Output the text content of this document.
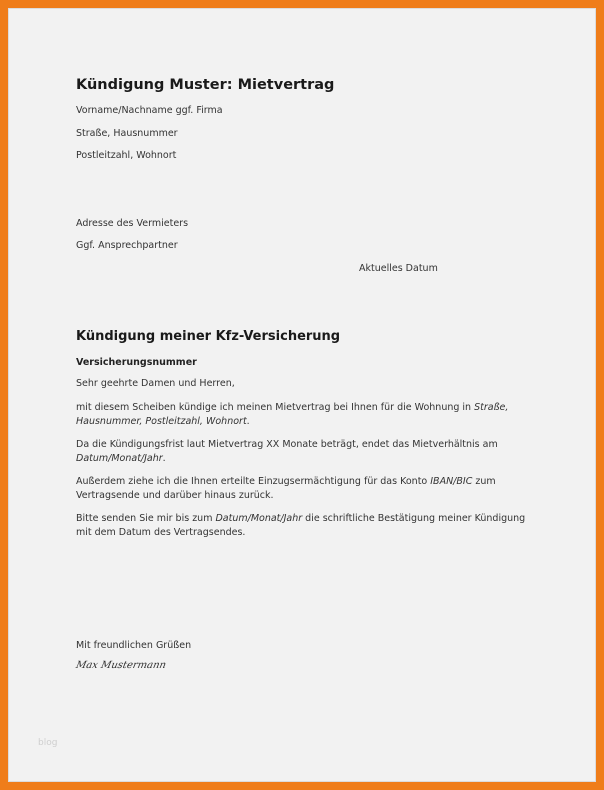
Kündigung Muster: Mietvertrag
Vorname/Nachname ggf. Firma
Straße, Hausnummer
Postleitzahl, Wohnort
Adresse des Vermieters
Ggf. Ansprechpartner
Aktuelles Datum
Kündigung meiner Kfz-Versicherung
Versicherungsnummer
Sehr geehrte Damen und Herren,
mit diesem Scheiben kündige ich meinen Mietvertrag bei Ihnen für die Wohnung in Straße, Hausnummer, Postleitzahl, Wohnort.
Da die Kündigungsfrist laut Mietvertrag XX Monate beträgt, endet das Mietverhältnis am Datum/Monat/Jahr.
Außerdem ziehe ich die Ihnen erteilte Einzugsermächtigung für das Konto IBAN/BIC zum Vertragsende und darüber hinaus zurück.
Bitte senden Sie mir bis zum Datum/Monat/Jahr die schriftliche Bestätigung meiner Kündigung mit dem Datum des Vertragsendes.
Mit freundlichen Grüßen
Max Mustermann
blog
